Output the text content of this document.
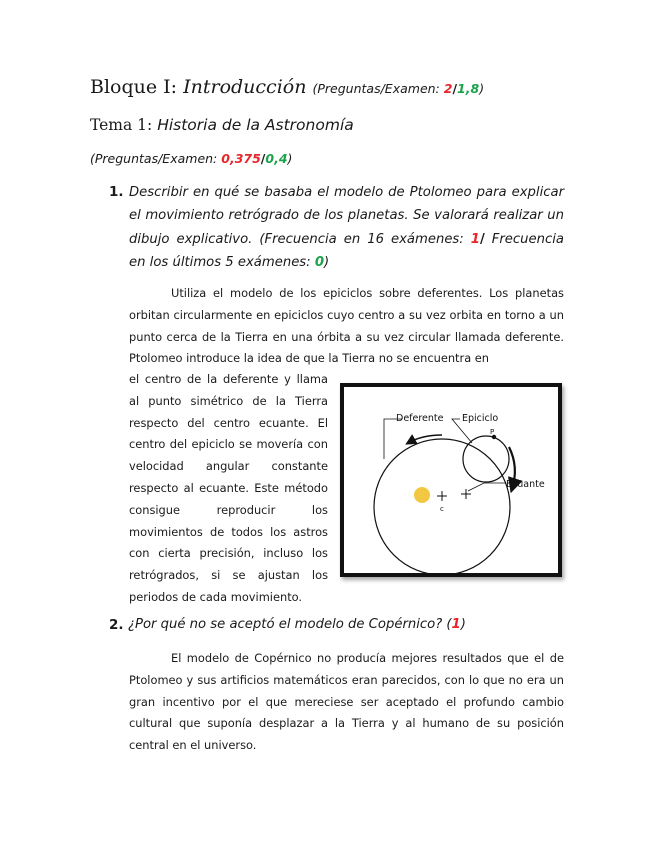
Bloque I: Introducción (Preguntas/Examen: 2/1,8)
Tema 1: Historia de la Astronomía
(Preguntas/Examen: 0,375/0,4)
1. Describir en qué se basaba el modelo de Ptolomeo para explicar el movimiento retrógrado de los planetas. Se valorará realizar un dibujo explicativo. (Frecuencia en 16 exámenes: 1/ Frecuencia en los últimos 5 exámenes: 0)
Utiliza el modelo de los epiciclos sobre deferentes. Los planetas orbitan circularmente en epiciclos cuyo centro a su vez orbita en torno a un punto cerca de la Tierra en una órbita a su vez circular llamada deferente. Ptolomeo introduce la idea de que la Tierra no se encuentra en
el centro de la deferente y llama al punto simétrico de la Tierra respecto del centro ecuante. El centro del epiciclo se movería con velocidad angular constante respecto al ecuante. Este método consigue reproducir los movimientos de todos los astros con cierta precisión, incluso los retrógrados, si se ajustan los periodos de cada movimiento.
Deferente Epiciclo
P
Ecuante
c
2. ¿Por qué no se aceptó el modelo de Copérnico? (1)
El modelo de Copérnico no producía mejores resultados que el de Ptolomeo y sus artificios matemáticos eran parecidos, con lo que no era un gran incentivo por el que mereciese ser aceptado el profundo cambio cultural que suponía desplazar a la Tierra y al humano de su posición central en el universo.
